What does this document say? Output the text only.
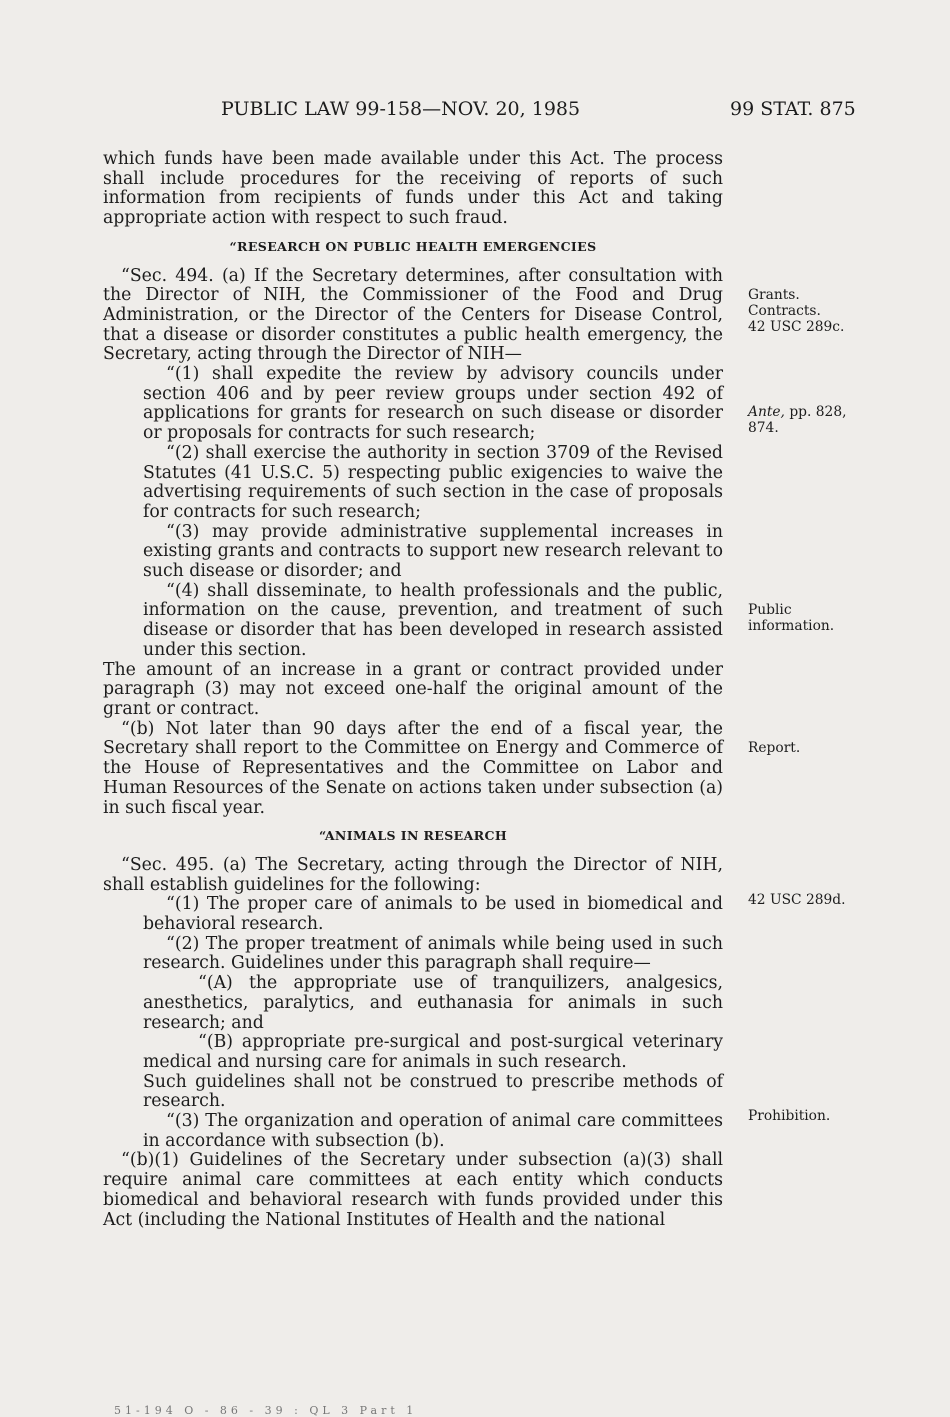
PUBLIC LAW 99-158—NOV. 20, 1985	99 STAT. 875

which funds have been made available under this Act. The process shall include procedures for the receiving of reports of such information from recipients of funds under this Act and taking appropriate action with respect to such fraud.

“RESEARCH ON PUBLIC HEALTH EMERGENCIES

“Sec. 494. (a) If the Secretary determines, after consultation with the Director of NIH, the Commissioner of the Food and Drug Administration, or the Director of the Centers for Disease Control, that a disease or disorder constitutes a public health emergency, the Secretary, acting through the Director of NIH—

“(1) shall expedite the review by advisory councils under section 406 and by peer review groups under section 492 of applications for grants for research on such disease or disorder or proposals for contracts for such research;

“(2) shall exercise the authority in section 3709 of the Revised Statutes (41 U.S.C. 5) respecting public exigencies to waive the advertising requirements of such section in the case of proposals for contracts for such research;

“(3) may provide administrative supplemental increases in existing grants and contracts to support new research relevant to such disease or disorder; and

“(4) shall disseminate, to health professionals and the public, information on the cause, prevention, and treatment of such disease or disorder that has been developed in research assisted under this section.

The amount of an increase in a grant or contract provided under paragraph (3) may not exceed one-half the original amount of the grant or contract.

“(b) Not later than 90 days after the end of a fiscal year, the Secretary shall report to the Committee on Energy and Commerce of the House of Representatives and the Committee on Labor and Human Resources of the Senate on actions taken under subsection (a) in such fiscal year.

“ANIMALS IN RESEARCH

“Sec. 495. (a) The Secretary, acting through the Director of NIH, shall establish guidelines for the following:

“(1) The proper care of animals to be used in biomedical and behavioral research.

“(2) The proper treatment of animals while being used in such research. Guidelines under this paragraph shall require—

“(A) the appropriate use of tranquilizers, analgesics, anesthetics, paralytics, and euthanasia for animals in such research; and

“(B) appropriate pre-surgical and post-surgical veterinary medical and nursing care for animals in such research.

Such guidelines shall not be construed to prescribe methods of research.

“(3) The organization and operation of animal care committees in accordance with subsection (b).

“(b)(1) Guidelines of the Secretary under subsection (a)(3) shall require animal care committees at each entity which conducts biomedical and behavioral research with funds provided under this Act (including the National Institutes of Health and the national

Grants.
Contracts.
42 USC 289c.
Ante, pp. 828, 874.
Public information.
Report.
42 USC 289d.
Prohibition.
51-194 O - 86 - 39 : QL 3 Part 1
